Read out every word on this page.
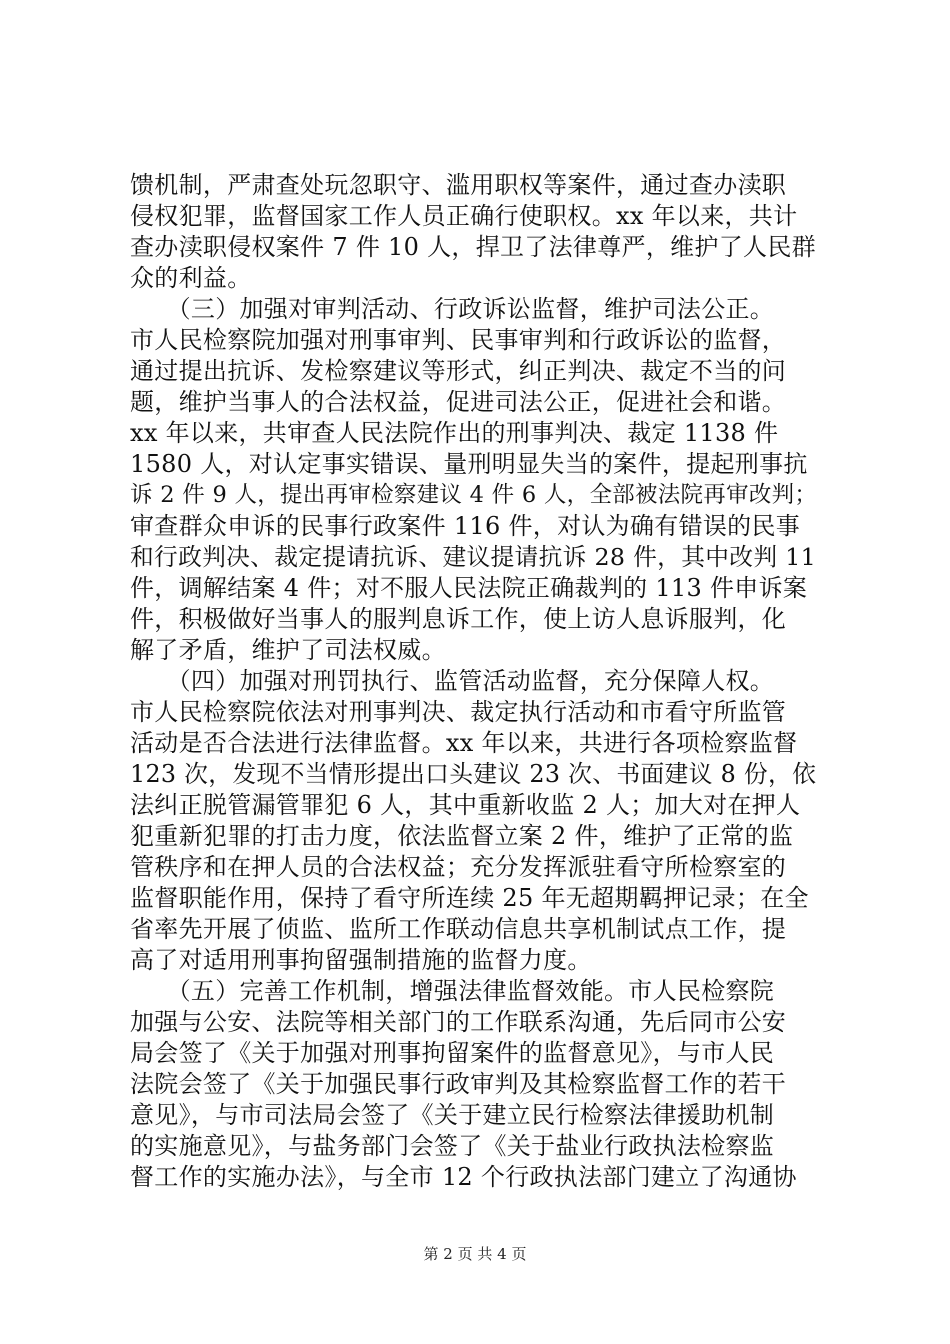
馈机制，严肃查处玩忽职守、滥用职权等案件，通过查办渎职
侵权犯罪，监督国家工作人员正确行使职权。xx 年以来，共计
查办渎职侵权案件 7 件 10 人，捍卫了法律尊严，维护了人民群
众的利益。
　　（三）加强对审判活动、行政诉讼监督，维护司法公正。
市人民检察院加强对刑事审判、民事审判和行政诉讼的监督，
通过提出抗诉、发检察建议等形式，纠正判决、裁定不当的问
题，维护当事人的合法权益，促进司法公正，促进社会和谐。
xx 年以来，共审查人民法院作出的刑事判决、裁定 1138 件
1580 人，对认定事实错误、量刑明显失当的案件，提起刑事抗
诉 2 件 9 人，提出再审检察建议 4 件 6 人，全部被法院再审改判；
审查群众申诉的民事行政案件 116 件，对认为确有错误的民事
和行政判决、裁定提请抗诉、建议提请抗诉 28 件，其中改判 11
件，调解结案 4 件；对不服人民法院正确裁判的 113 件申诉案
件，积极做好当事人的服判息诉工作，使上访人息诉服判，化
解了矛盾，维护了司法权威。
　　（四）加强对刑罚执行、监管活动监督，充分保障人权。
市人民检察院依法对刑事判决、裁定执行活动和市看守所监管
活动是否合法进行法律监督。xx 年以来，共进行各项检察监督
123 次，发现不当情形提出口头建议 23 次、书面建议 8 份，依
法纠正脱管漏管罪犯 6 人，其中重新收监 2 人；加大对在押人
犯重新犯罪的打击力度，依法监督立案 2 件，维护了正常的监
管秩序和在押人员的合法权益；充分发挥派驻看守所检察室的
监督职能作用，保持了看守所连续 25 年无超期羁押记录；在全
省率先开展了侦监、监所工作联动信息共享机制试点工作，提
高了对适用刑事拘留强制措施的监督力度。
　　（五）完善工作机制，增强法律监督效能。市人民检察院
加强与公安、法院等相关部门的工作联系沟通，先后同市公安
局会签了《关于加强对刑事拘留案件的监督意见》，与市人民
法院会签了《关于加强民事行政审判及其检察监督工作的若干
意见》，与市司法局会签了《关于建立民行检察法律援助机制
的实施意见》，与盐务部门会签了《关于盐业行政执法检察监
督工作的实施办法》，与全市 12 个行政执法部门建立了沟通协
第 2 页 共 4 页
